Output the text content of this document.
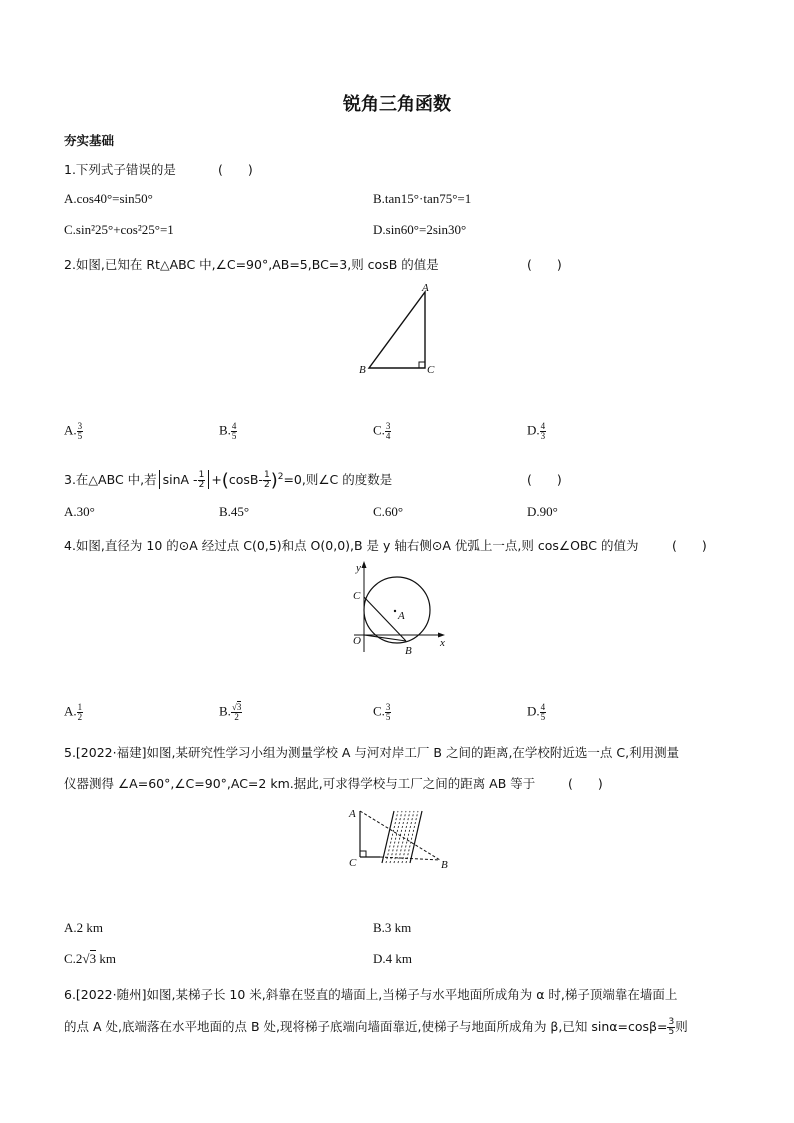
锐角三角函数
夯实基础
1.下列式子错误的是	(　　)
A.cos40°=sin50°	B.tan15°·tan75°=1
C.sin²25°+cos²25°=1	D.sin60°=2sin30°
2.如图,已知在 Rt△ABC 中,∠C=90°,AB=5,BC=3,则 cosB 的值是	(　　)
A
B	C
A. $\frac{3}{5}$	B. $\frac{4}{5}$	C. $\frac{3}{4}$	D. $\frac{4}{3}$
3.在△ABC 中,若 $\sin A - \frac{1}{2} +(\cos B- \frac{1}{2} )^2=0$,则∠C 的度数是	(　　)
A.30°	B.45°	C.60°	D.90°
4.如图,直径为 10 的⊙A 经过点 C(0,5)和点 O(0,0),B 是 y 轴右侧⊙A 优弧上一点,则 cos∠OBC 的值为	(　　)
y
x
C
O
A
B
A. $\frac{1}{2}$	B. $\frac{√3}{2}$	C. $\frac{3}{5}$	D. $\frac{4}{5}$
5.[2022·福建]如图,某研究性学习小组为测量学校 A 与河对岸工厂 B 之间的距离,在学校附近选一点 C,利用测量
仪器测得 ∠A=60°,∠C=90°,AC=2 km.据此,可求得学校与工厂之间的距离 AB 等于	(　　)
A
C	B
A.2 km	B.3 km
C.2√3 km	D.4 km
6.[2022·随州]如图,某梯子长 10 米,斜靠在竖直的墙面上,当梯子与水平地面所成角为 α 时,梯子顶端靠在墙面上
的点 A 处,底端落在水平地面的点 B 处,现将梯子底端向墙面靠近,使梯子与地面所成角为 β,已知 $\sin\alpha=\cos\beta= \frac{3}{5}$ 则
